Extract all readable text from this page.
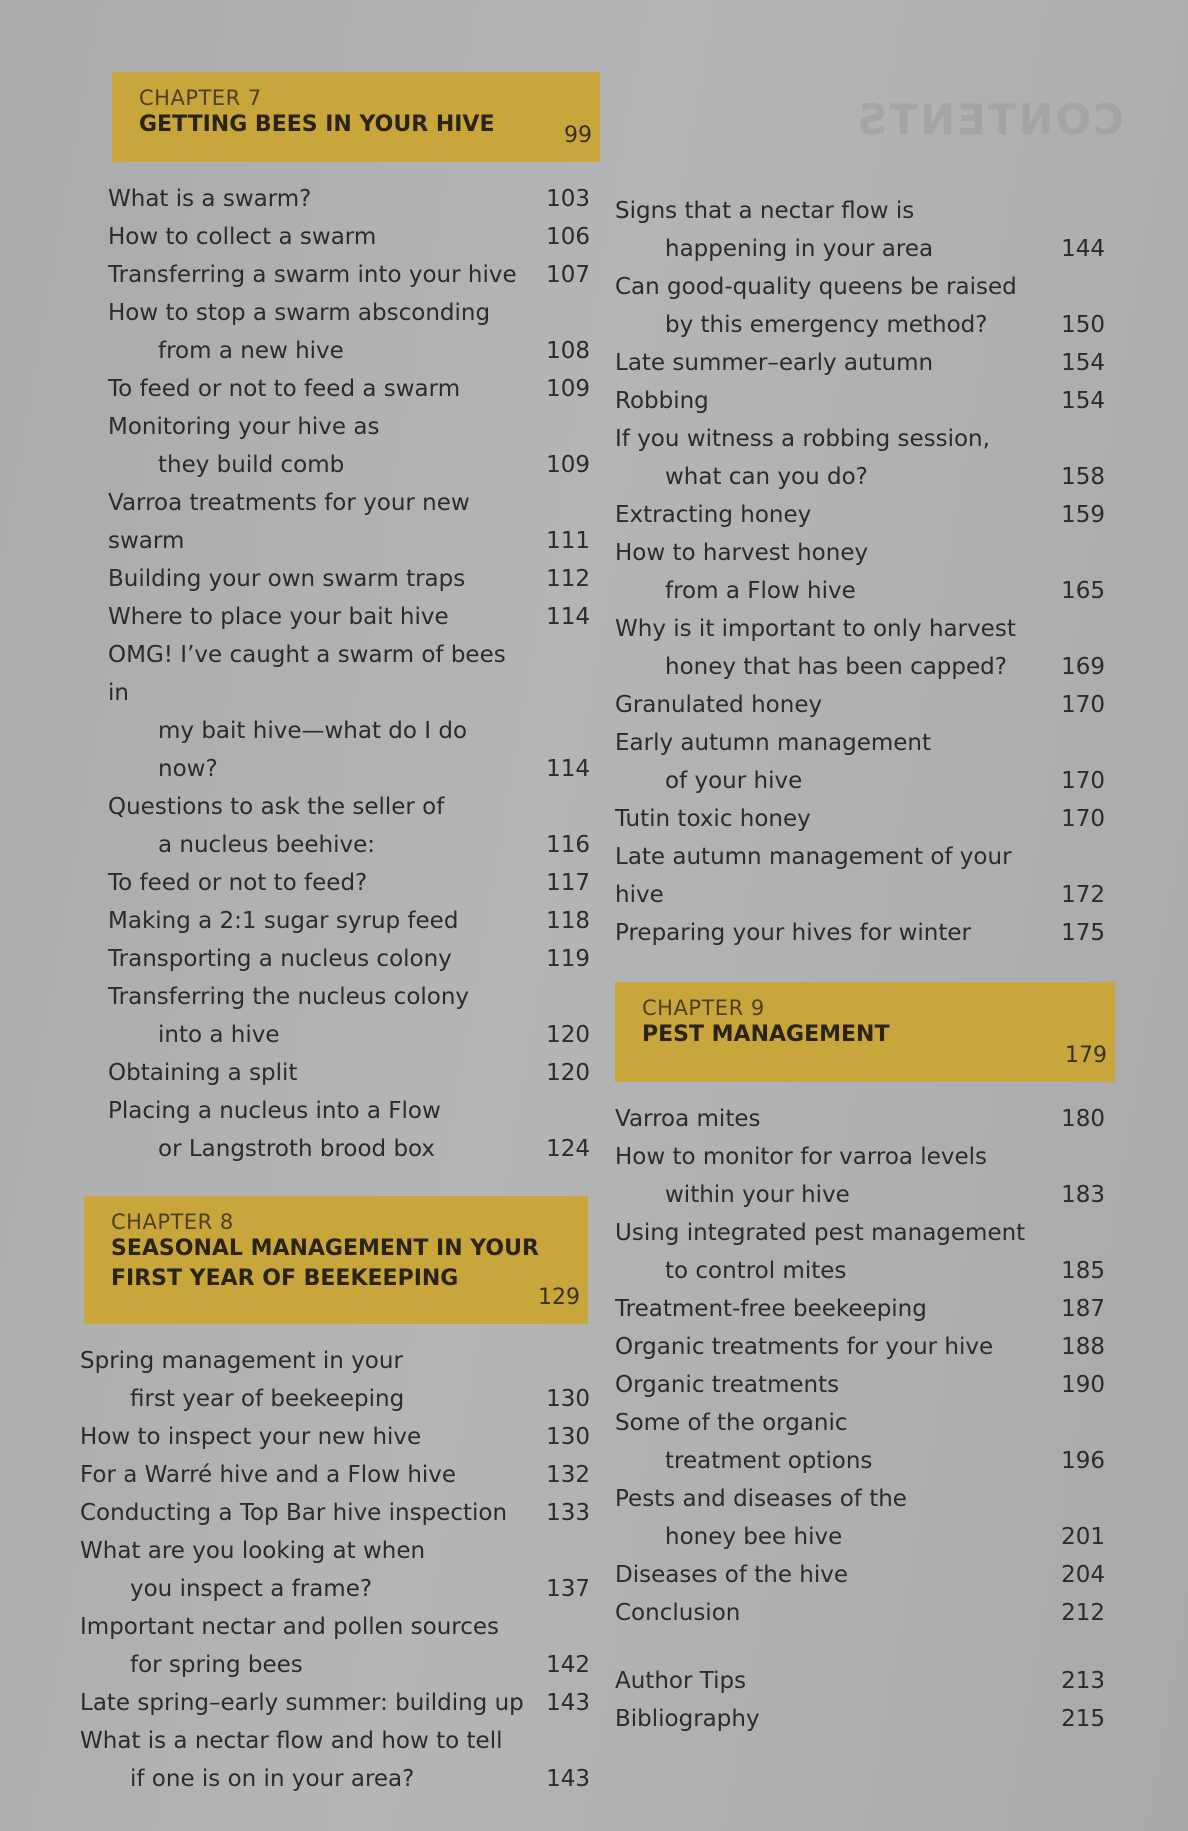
CONTENTS
CHAPTER 7
GETTING BEES IN YOUR HIVE	99
What is a swarm?	103
How to collect a swarm	106
Transferring a swarm into your hive 107
How to stop a swarm absconding
from a new hive	108
To feed or not to feed a swarm	109
Monitoring your hive as
they build comb	109
Varroa treatments for your new swarm	111
Building your own swarm traps	112
Where to place your bait hive	114
OMG! I’ve caught a swarm of bees in
my bait hive—what do I do now?	114
Questions to ask the seller of
a nucleus beehive:	116
To feed or not to feed?	117
Making a 2:1 sugar syrup feed	118
Transporting a nucleus colony	119
Transferring the nucleus colony
into a hive	120
Obtaining a split	120
Placing a nucleus into a Flow
or Langstroth brood box	124
CHAPTER 8
SEASONAL MANAGEMENT IN YOUR
FIRST YEAR OF BEEKEEPING
129
Spring management in your
first year of beekeeping	130
How to inspect your new hive	130
For a Warré hive and a Flow hive	132
Conducting a Top Bar hive inspection 133
What are you looking at when
you inspect a frame?	137
Important nectar and pollen sources
for spring bees	142
Late spring–early summer: building up 143
What is a nectar flow and how to tell
if one is on in your area?	143
Signs that a nectar flow is
happening in your area	144
Can good-quality queens be raised
by this emergency method?	150
Late summer–early autumn	154
Robbing	154
If you witness a robbing session,
what can you do?	158
Extracting honey	159
How to harvest honey
from a Flow hive	165
Why is it important to only harvest
honey that has been capped?	169
Granulated honey	170
Early autumn management
of your hive	170
Tutin toxic honey	170
Late autumn management of your hive	172
Preparing your hives for winter	175
CHAPTER 9
PEST MANAGEMENT
179
Varroa mites	180
How to monitor for varroa levels
within your hive	183
Using integrated pest management
to control mites	185
Treatment-free beekeeping	187
Organic treatments for your hive	188
Organic treatments	190
Some of the organic
treatment options	196
Pests and diseases of the
honey bee hive	201
Diseases of the hive	204
Conclusion	212
Author Tips	213
Bibliography	215
